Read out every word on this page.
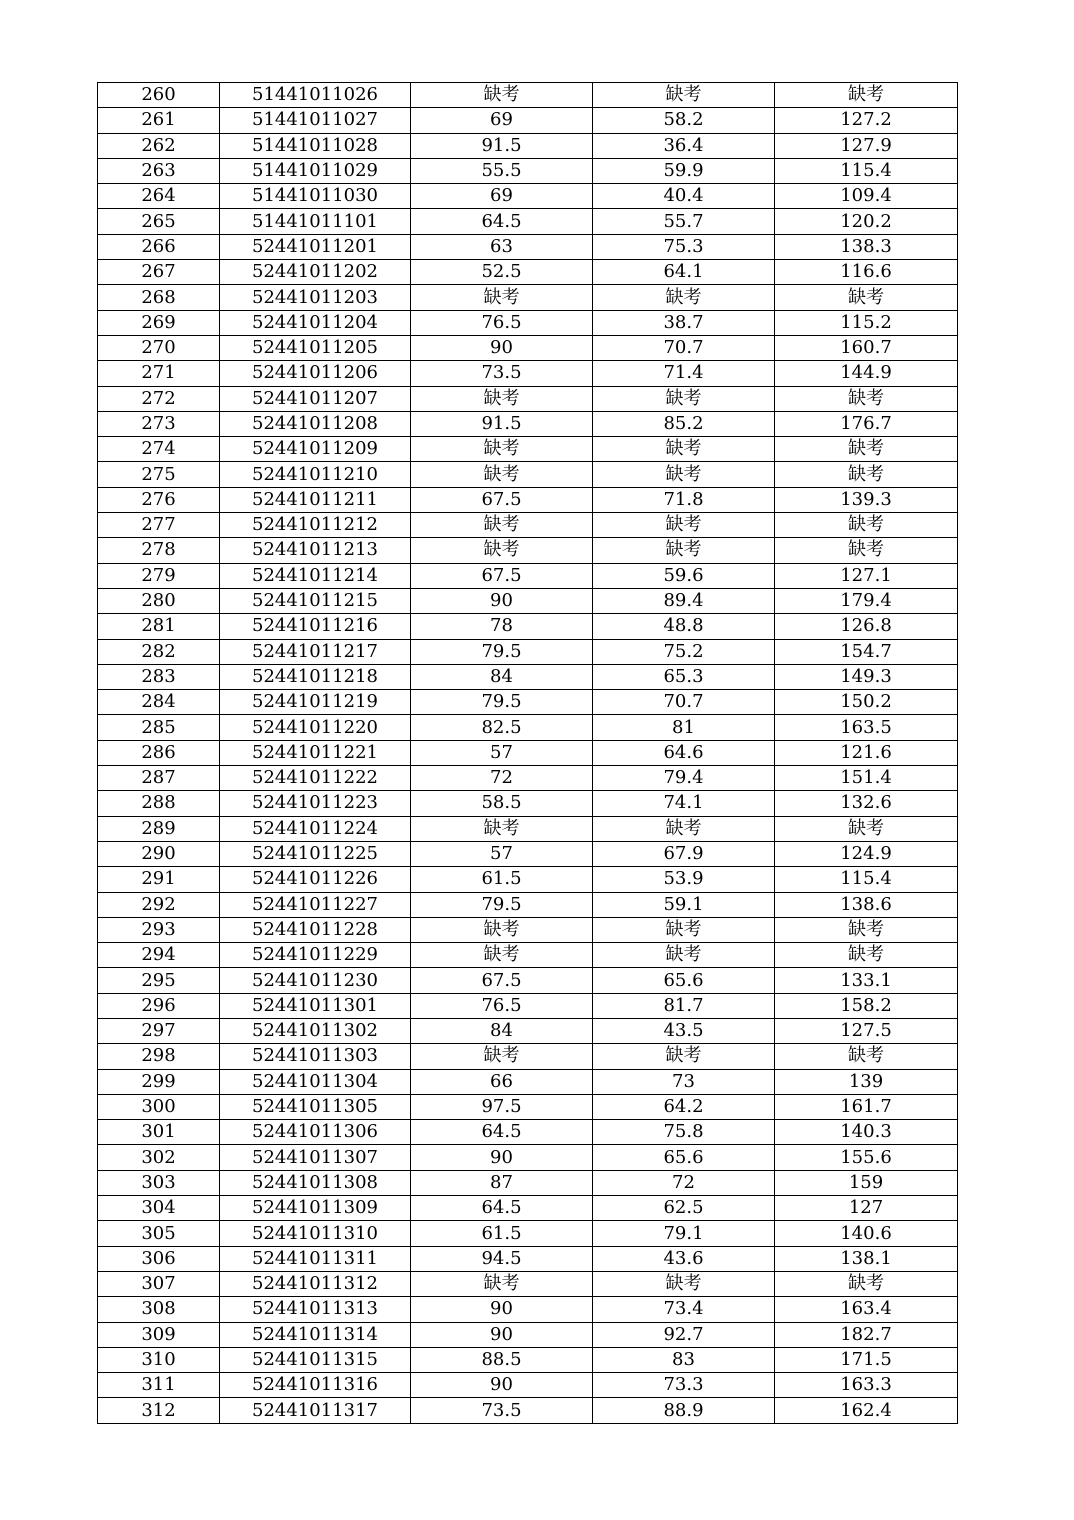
260	51441011026	缺考	缺考	缺考
261	51441011027	69	58.2	127.2
262	51441011028	91.5	36.4	127.9
263	51441011029	55.5	59.9	115.4
264	51441011030	69	40.4	109.4
265	51441011101	64.5	55.7	120.2
266	52441011201	63	75.3	138.3
267	52441011202	52.5	64.1	116.6
268	52441011203	缺考	缺考	缺考
269	52441011204	76.5	38.7	115.2
270	52441011205	90	70.7	160.7
271	52441011206	73.5	71.4	144.9
272	52441011207	缺考	缺考	缺考
273	52441011208	91.5	85.2	176.7
274	52441011209	缺考	缺考	缺考
275	52441011210	缺考	缺考	缺考
276	52441011211	67.5	71.8	139.3
277	52441011212	缺考	缺考	缺考
278	52441011213	缺考	缺考	缺考
279	52441011214	67.5	59.6	127.1
280	52441011215	90	89.4	179.4
281	52441011216	78	48.8	126.8
282	52441011217	79.5	75.2	154.7
283	52441011218	84	65.3	149.3
284	52441011219	79.5	70.7	150.2
285	52441011220	82.5	81	163.5
286	52441011221	57	64.6	121.6
287	52441011222	72	79.4	151.4
288	52441011223	58.5	74.1	132.6
289	52441011224	缺考	缺考	缺考
290	52441011225	57	67.9	124.9
291	52441011226	61.5	53.9	115.4
292	52441011227	79.5	59.1	138.6
293	52441011228	缺考	缺考	缺考
294	52441011229	缺考	缺考	缺考
295	52441011230	67.5	65.6	133.1
296	52441011301	76.5	81.7	158.2
297	52441011302	84	43.5	127.5
298	52441011303	缺考	缺考	缺考
299	52441011304	66	73	139
300	52441011305	97.5	64.2	161.7
301	52441011306	64.5	75.8	140.3
302	52441011307	90	65.6	155.6
303	52441011308	87	72	159
304	52441011309	64.5	62.5	127
305	52441011310	61.5	79.1	140.6
306	52441011311	94.5	43.6	138.1
307	52441011312	缺考	缺考	缺考
308	52441011313	90	73.4	163.4
309	52441011314	90	92.7	182.7
310	52441011315	88.5	83	171.5
311	52441011316	90	73.3	163.3
312	52441011317	73.5	88.9	162.4
